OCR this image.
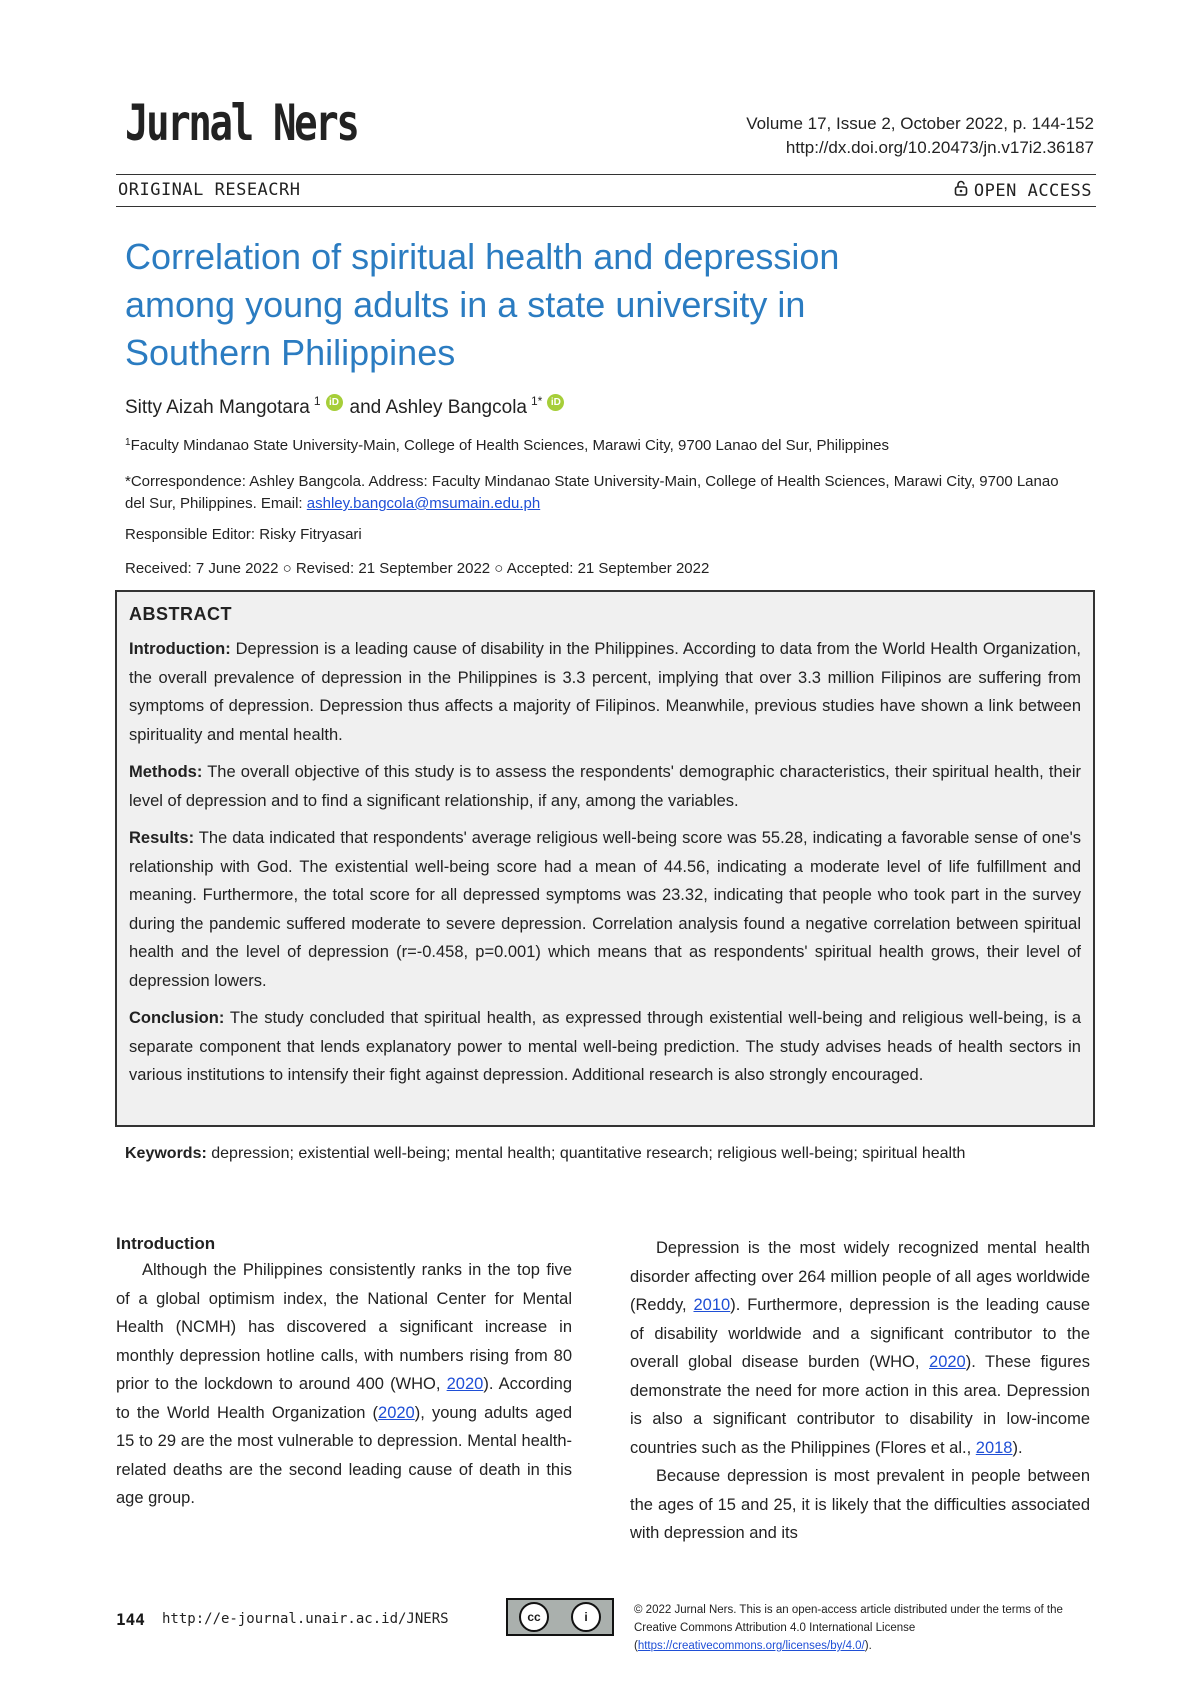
Jurnal Ners	Volume 17, Issue 2, October 2022, p. 144-152
http://dx.doi.org/10.20473/jn.v17i2.36187
ORIGINAL RESEACRH	OPEN ACCESS
Correlation of spiritual health and depression among young adults in a state university in Southern Philippines
Sitty Aizah Mangotara 1 iD and Ashley Bangcola 1* iD
$^1$Faculty Mindanao State University-Main, College of Health Sciences, Marawi City, 9700 Lanao del Sur, Philippines
*Correspondence: Ashley Bangcola. Address: Faculty Mindanao State University-Main, College of Health Sciences, Marawi City, 9700 Lanao del Sur, Philippines. Email: ashley.bangcola@msumain.edu.ph
Responsible Editor: Risky Fitryasari
Received: 7 June 2022 ○ Revised: 21 September 2022 ○ Accepted: 21 September 2022
ABSTRACT

Introduction: Depression is a leading cause of disability in the Philippines. According to data from the World Health Organization, the overall prevalence of depression in the Philippines is 3.3 percent, implying that over 3.3 million Filipinos are suffering from symptoms of depression. Depression thus affects a majority of Filipinos. Meanwhile, previous studies have shown a link between spirituality and mental health.

Methods: The overall objective of this study is to assess the respondents' demographic characteristics, their spiritual health, their level of depression and to find a significant relationship, if any, among the variables.

Results: The data indicated that respondents' average religious well-being score was 55.28, indicating a favorable sense of one's relationship with God. The existential well-being score had a mean of 44.56, indicating a moderate level of life fulfillment and meaning. Furthermore, the total score for all depressed symptoms was 23.32, indicating that people who took part in the survey during the pandemic suffered moderate to severe depression. Correlation analysis found a negative correlation between spiritual health and the level of depression (r=-0.458, p=0.001) which means that as respondents' spiritual health grows, their level of depression lowers.

Conclusion: The study concluded that spiritual health, as expressed through existential well-being and religious well-being, is a separate component that lends explanatory power to mental well-being prediction. The study advises heads of health sectors in various institutions to intensify their fight against depression. Additional research is also strongly encouraged.

Keywords: depression; existential well-being; mental health; quantitative research; religious well-being; spiritual health
Introduction

Although the Philippines consistently ranks in the top five of a global optimism index, the National Center for Mental Health (NCMH) has discovered a significant increase in monthly depression hotline calls, with numbers rising from 80 prior to the lockdown to around 400 (WHO, 2020). According to the World Health Organization (2020), young adults aged 15 to 29 are the most vulnerable to depression. Mental health-related deaths are the second leading cause of death in this age group.

Depression is the most widely recognized mental health disorder affecting over 264 million people of all ages worldwide (Reddy, 2010). Furthermore, depression is the leading cause of disability worldwide and a significant contributor to the overall global disease burden (WHO, 2020). These figures demonstrate the need for more action in this area. Depression is also a significant contributor to disability in low-income countries such as the Philippines (Flores et al., 2018).

Because depression is most prevalent in people between the ages of 15 and 25, it is likely that the difficulties associated with depression and its

144 http://e-journal.unair.ac.id/JNERS	cc	i	© 2022 Jurnal Ners. This is an open-access article distributed under the terms of the Creative Commons Attribution 4.0 International License (https://creativecommons.org/licenses/by/4.0/).
